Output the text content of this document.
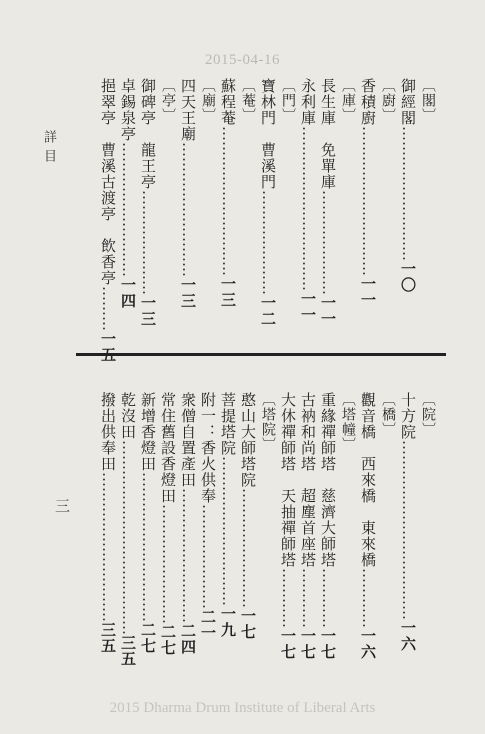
2015-04-16
詳目
三
〔閣〕
御經閣………………………一〇
〔廚〕
香積廚…………………………一一
〔庫〕
長生庫　免單庫…………………一一
永利庫……………………………一一
〔門〕
寶林門　曹溪門…………………一二
〔菴〕
蘇程菴…………………………一三
〔廟〕
四天王廟………………………一三
〔亭〕
御碑亭　龍王亭…………………一三
卓錫泉亭………………………一四
挹翠亭　曹溪古渡亭　飲香亭………一五
〔院〕
十方院………………………………一六
〔橋〕
觀音橋　西來橋　東來橋…………一六
〔塔幢〕
重緣禪師塔　慈濟大師塔…………一七
古衲和尚塔　超塵首座塔…………一七
大休禪師塔　天抽禪師塔…………一七
〔塔院〕
憨山大師塔院……………………一七
菩提塔院…………………………一九
附一：香火供奉…………………二一
衆僧自置產田………………………二四
常住舊設香燈田……………………二七
新增香燈田…………………………二七
乾沒田…………………………………三五
撥出供奉田…………………………三五
2015 Dharma Drum Institute of Liberal Arts
